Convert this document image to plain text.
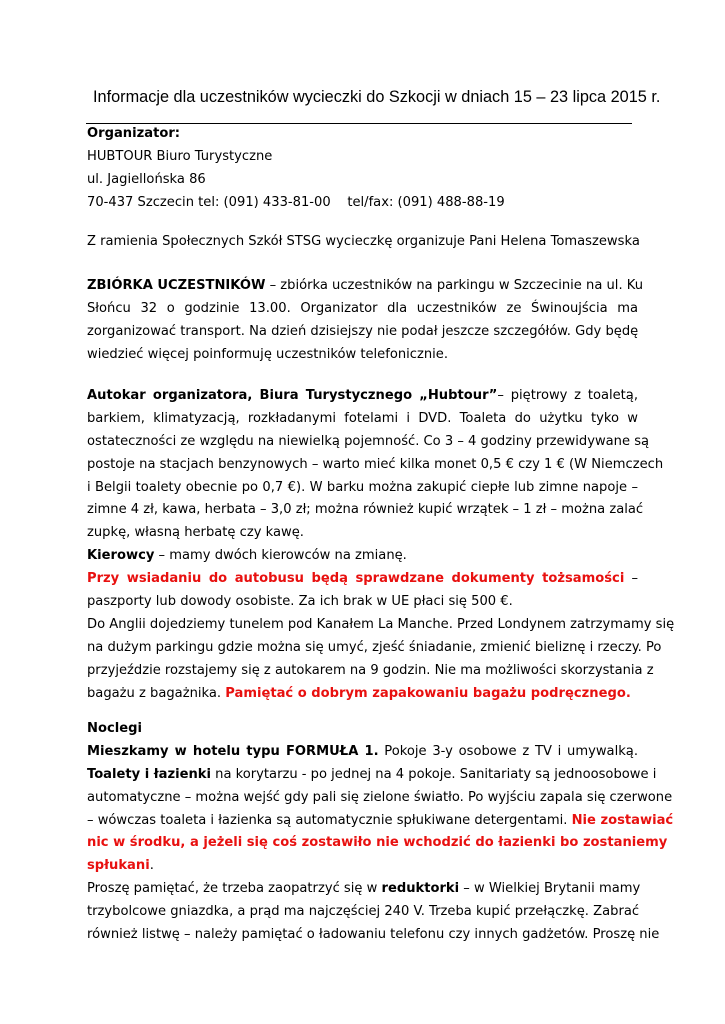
Informacje dla uczestników wycieczki do Szkocji w dniach 15 – 23 lipca 2015 r.
Organizator:
HUBTOUR Biuro Turystyczne
ul. Jagiellońska 86
70-437 Szczecin tel: (091) 433-81-00    tel/fax: (091) 488-88-19
Z ramienia Społecznych Szkół STSG wycieczkę organizuje Pani Helena Tomaszewska
ZBIÓRKA UCZESTNIKÓW – zbiórka uczestników na parkingu w Szczecinie na ul. Ku
Słońcu 32 o godzinie 13.00. Organizator dla uczestników ze Świnoujścia ma
zorganizować transport. Na dzień dzisiejszy nie podał jeszcze szczegółów. Gdy będę
wiedzieć więcej poinformuję uczestników telefonicznie.
Autokar organizatora, Biura Turystycznego „Hubtour”– piętrowy z toaletą,
barkiem, klimatyzacją, rozkładanymi fotelami i DVD. Toaleta do użytku tyko w
ostateczności ze względu na niewielką pojemność. Co 3 – 4 godziny przewidywane są
postoje na stacjach benzynowych – warto mieć kilka monet 0,5 € czy 1 € (W Niemczech
i Belgii toalety obecnie po 0,7 €). W barku można zakupić ciepłe lub zimne napoje –
zimne 4 zł, kawa, herbata – 3,0 zł; można również kupić wrzątek – 1 zł – można zalać
zupkę, własną herbatę czy kawę.
Kierowcy – mamy dwóch kierowców na zmianę.
Przy wsiadaniu do autobusu będą sprawdzane dokumenty tożsamości –
paszporty lub dowody osobiste. Za ich brak w UE płaci się 500 €.
Do Anglii dojedziemy tunelem pod Kanałem La Manche. Przed Londynem zatrzymamy się
na dużym parkingu gdzie można się umyć, zjeść śniadanie, zmienić bieliznę i rzeczy. Po
przyjeździe rozstajemy się z autokarem na 9 godzin. Nie ma możliwości skorzystania z
bagażu z bagażnika. Pamiętać o dobrym zapakowaniu bagażu podręcznego.
Noclegi
Mieszkamy w hotelu typu FORMUŁA 1. Pokoje 3-y osobowe z TV i umywalką.
Toalety i łazienki na korytarzu - po jednej na 4 pokoje. Sanitariaty są jednoosobowe i
automatyczne – można wejść gdy pali się zielone światło. Po wyjściu zapala się czerwone
– wówczas toaleta i łazienka są automatycznie spłukiwane detergentami. Nie zostawiać
nic w środku, a jeżeli się coś zostawiło nie wchodzić do łazienki bo zostaniemy
spłukani.
Proszę pamiętać, że trzeba zaopatrzyć się w reduktorki – w Wielkiej Brytanii mamy
trzybolcowe gniazdka, a prąd ma najczęściej 240 V. Trzeba kupić przełączkę. Zabrać
również listwę – należy pamiętać o ładowaniu telefonu czy innych gadżetów. Proszę nie
